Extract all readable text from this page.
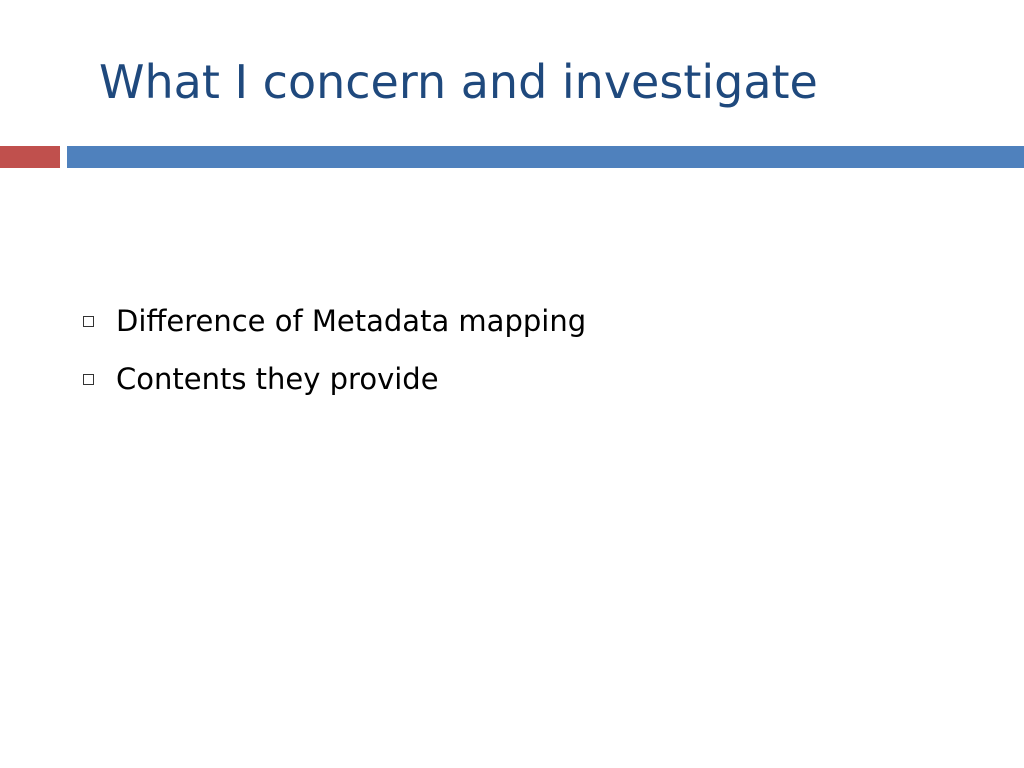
What I concern and investigate
Difference of Metadata mapping
Contents they provide
